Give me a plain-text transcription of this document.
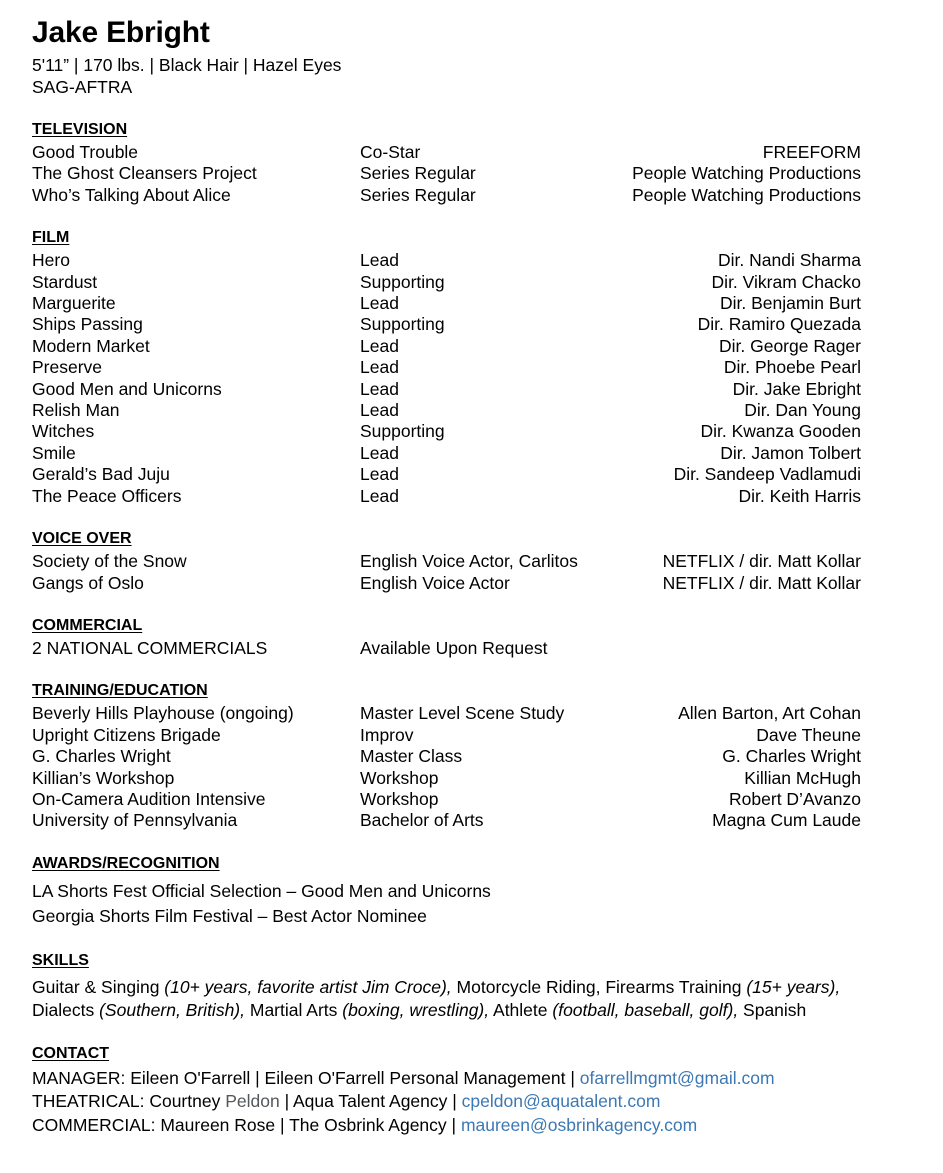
Jake Ebright
5'11” | 170 lbs. | Black Hair | Hazel Eyes
SAG-AFTRA
TELEVISION
Good Trouble	Co-Star	FREEFORM
The Ghost Cleansers Project	Series Regular	People Watching Productions
Who’s Talking About Alice	Series Regular	People Watching Productions
FILM
Hero	Lead	Dir. Nandi Sharma
Stardust	Supporting	Dir. Vikram Chacko
Marguerite	Lead	Dir. Benjamin Burt
Ships Passing	Supporting	Dir. Ramiro Quezada
Modern Market	Lead	Dir. George Rager
Preserve	Lead	Dir. Phoebe Pearl
Good Men and Unicorns	Lead	Dir. Jake Ebright
Relish Man	Lead	Dir. Dan Young
Witches	Supporting	Dir. Kwanza Gooden
Smile	Lead	Dir. Jamon Tolbert
Gerald’s Bad Juju	Lead	Dir. Sandeep Vadlamudi
The Peace Officers	Lead	Dir. Keith Harris
VOICE OVER
Society of the Snow	English Voice Actor, Carlitos	NETFLIX / dir. Matt Kollar
Gangs of Oslo	English Voice Actor	NETFLIX / dir. Matt Kollar
COMMERCIAL
2 NATIONAL COMMERCIALS	Available Upon Request	
TRAINING/EDUCATION
Beverly Hills Playhouse (ongoing)	Master Level Scene Study	Allen Barton, Art Cohan
Upright Citizens Brigade	Improv	Dave Theune
G. Charles Wright	Master Class	G. Charles Wright
Killian’s Workshop	Workshop	Killian McHugh
On-Camera Audition Intensive	Workshop	Robert D’Avanzo
University of Pennsylvania	Bachelor of Arts	Magna Cum Laude
AWARDS/RECOGNITION
LA Shorts Fest Official Selection – Good Men and Unicorns
Georgia Shorts Film Festival – Best Actor Nominee
SKILLS
Guitar & Singing (10+ years, favorite artist Jim Croce), Motorcycle Riding, Firearms Training (15+ years),
Dialects (Southern, British), Martial Arts (boxing, wrestling), Athlete (football, baseball, golf), Spanish
CONTACT
MANAGER: Eileen O'Farrell | Eileen O'Farrell Personal Management | ofarrellmgmt@gmail.com
THEATRICAL: Courtney Peldon | Aqua Talent Agency | cpeldon@aquatalent.com
COMMERCIAL: Maureen Rose | The Osbrink Agency | maureen@osbrinkagency.com
